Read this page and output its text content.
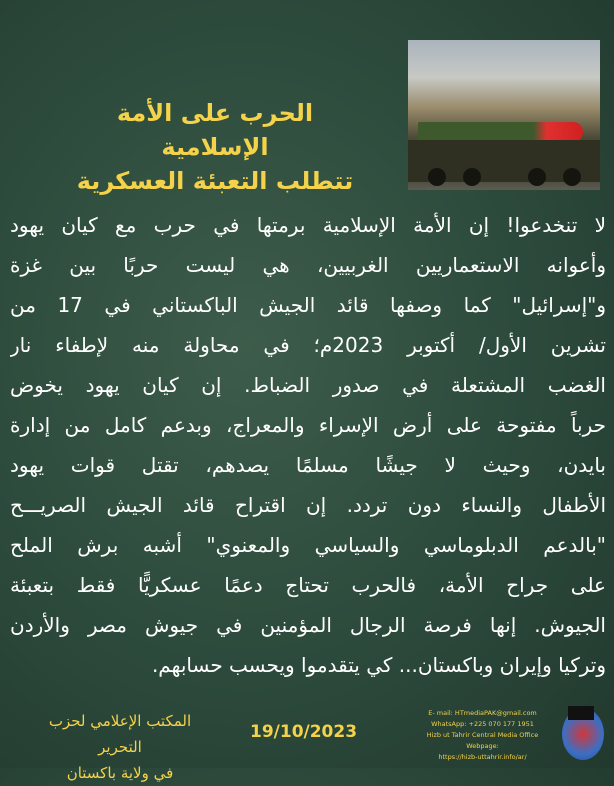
الحرب على الأمة الإسلامية
تتطلب التعبئة العسكرية
لا تنخدعوا! إن الأمة الإسلامية برمتها في حرب مع كيان يهود
وأعوانه الاستعماريين الغربيين، هي ليست حربًا بين غزة
و"إسرائيل" كما وصفها قائد الجيش الباكستاني في 17 من
تشرين الأول/ أكتوبر 2023م؛ في محاولة منه لإطفاء نار
الغضب المشتعلة في صدور الضباط. إن كيان يهود يخوض
حرباً مفتوحة على أرض الإسراء والمعراج، وبدعم كامل من إدارة
بايدن، وحيث لا جيشًا مسلمًا يصدهم، تقتل قوات يهود
الأطفال والنساء دون تردد. إن اقتراح قائد الجيش الصريـــح
"بالدعم الدبلوماسي والسياسي والمعنوي" أشبه برش الملح
على جراح الأمة، فالحرب تحتاج دعمًا عسكريًّا فقط بتعبئة
الجيوش. إنها فرصة الرجال المؤمنين في جيوش مصر والأردن
وتركيا وإيران وباكستان... كي يتقدموا ويحسب حسابهم.
المكتب الإعلامي لحزب التحرير
في ولاية باكستان
19/10/2023
E- mail: HTmediaPAK@gmail.com
WhatsApp: +225 070 177 1951
Hizb ut Tahrir Central Media Office Webpage:
https://hizb-uttahrir.info/ar/
